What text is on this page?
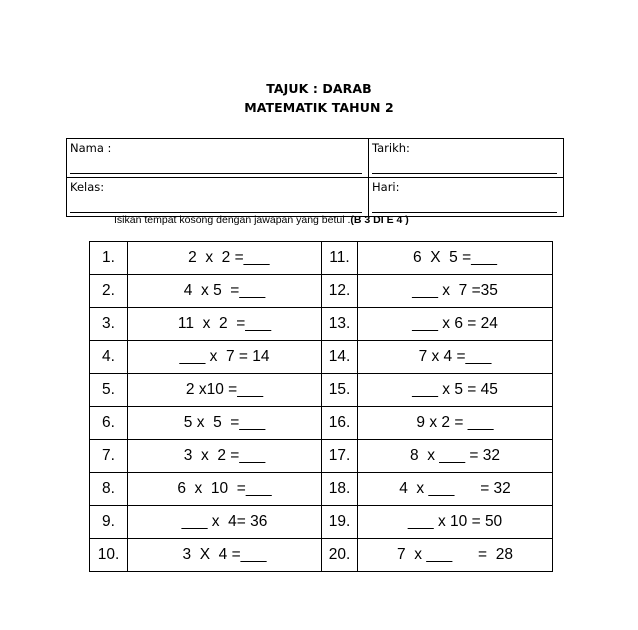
TAJUK : DARAB
MATEMATIK TAHUN 2
Nama :	Tarikh:

Kelas:	Hari:
Isikan tempat kosong dengan jawapan yang betul .(B 3 DI E 4 )
1.	2  x  2 =___	11.	6  X  5 =___
2.	4  x 5  =___	12.	___ x  7 =35
3.	11  x  2  =___	13.	___ x 6 = 24
4.	___ x  7 = 14	14.	7 x 4 =___
5.	2 x10 =___	15.	___ x 5 = 45
6.	5 x  5  =___	16.	9 x 2 = ___
7.	3  x  2 =___	17.	8  x ___ = 32
8.	6  x  10  =___	18.	4  x ___      = 32
9.	___ x  4= 36	19.	___ x 10 = 50
10.	3  X  4 =___	20.	7  x ___      =  28
